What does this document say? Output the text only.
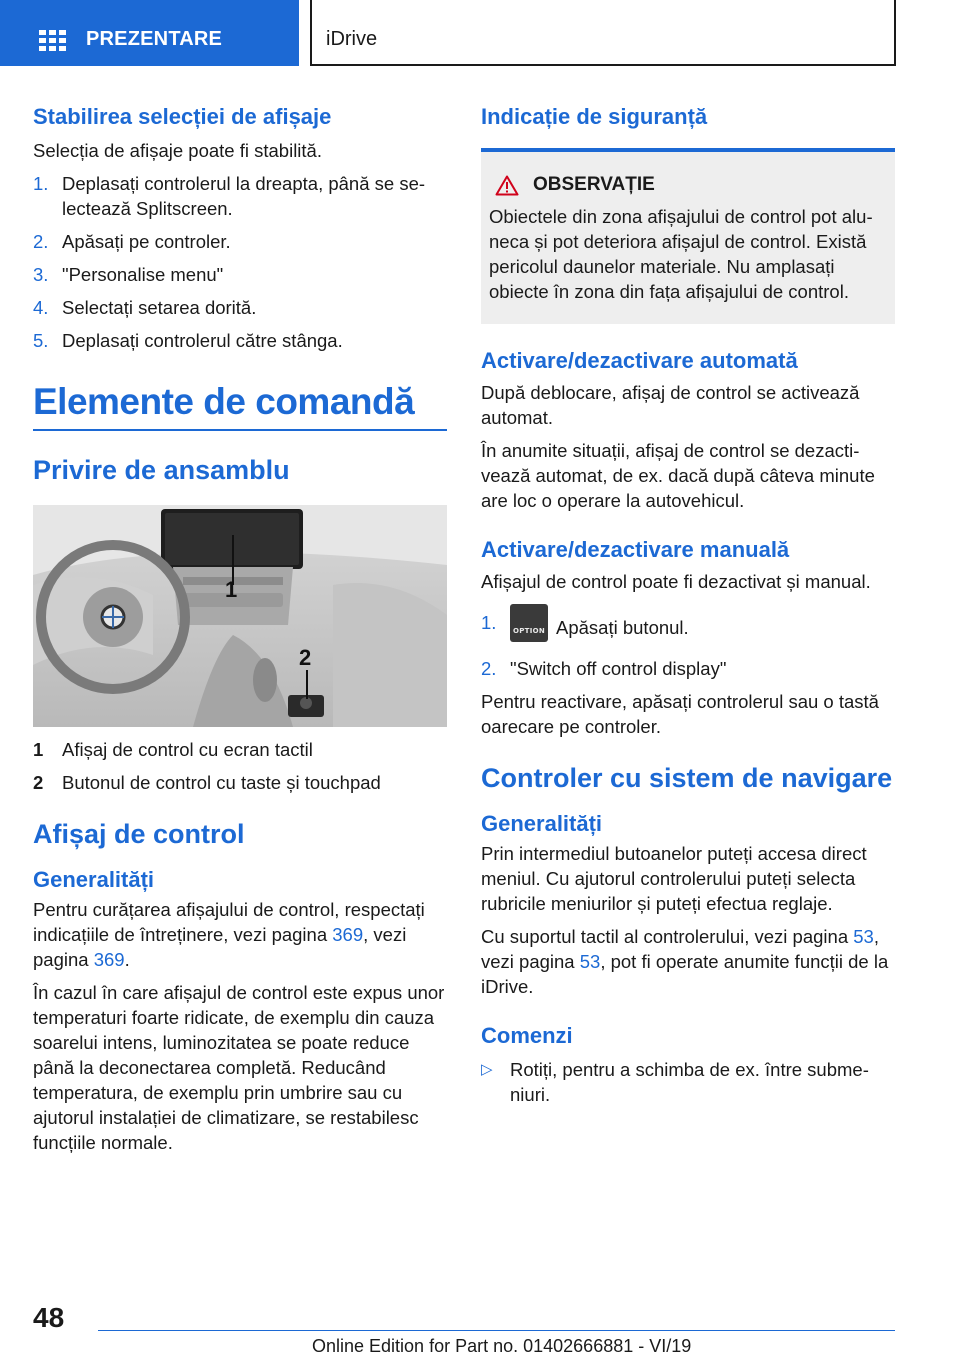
PREZENTARE	iDrive
Stabilirea selecției de afișaje
Selecția de afișaje poate fi stabilită.
1. Deplasați controlerul la dreapta, până se selectează Splitscreen.
2. Apăsați pe controler.
3. "Personalise menu"
4. Selectați setarea dorită.
5. Deplasați controlerul către stânga.
Elemente de comandă
Privire de ansamblu
1
2
1 Afișaj de control cu ecran tactil
2 Butonul de control cu taste și touchpad
Afișaj de control
Generalități
Pentru curățarea afișajului de control, respectați indicațiile de întreținere, vezi pagina 369, vezi pagina 369.
În cazul în care afișajul de control este expus unor temperaturi foarte ridicate, de exemplu din cauza soarelui intens, luminozitatea se poate reduce până la deconectarea completă. Reducând temperatura, de exemplu prin umbrire sau cu ajutorul instalației de climatizare, se restabilesc funcțiile normale.
Indicație de siguranță
OBSERVAȚIE
Obiectele din zona afișajului de control pot aluneca și pot deteriora afișajul de control. Există pericolul daunelor materiale. Nu amplasați obiecte în zona din fața afișajului de control.
Activare/dezactivare automată
După deblocare, afișaj de control se activează automat.
În anumite situații, afișaj de control se dezactivează automat, de ex. dacă după câteva minute are loc o operare la autovehicul.
Activare/dezactivare manuală
Afișajul de control poate fi dezactivat și manual.
1.	OPTION Apăsați butonul.
2. "Switch off control display"
Pentru reactivare, apăsați controlerul sau o tastă oarecare pe controler.
Controler cu sistem de navigare
Generalități
Prin intermediul butoanelor puteți accesa direct meniul. Cu ajutorul controlerului puteți selecta rubricile meniurilor și puteți efectua reglaje.
Cu suportul tactil al controlerului, vezi pagina 53, vezi pagina 53, pot fi operate anumite funcții de la iDrive.
Comenzi
▷ Rotiți, pentru a schimba de ex. între submeniuri.
48
Online Edition for Part no. 01402666881 - VI/19
